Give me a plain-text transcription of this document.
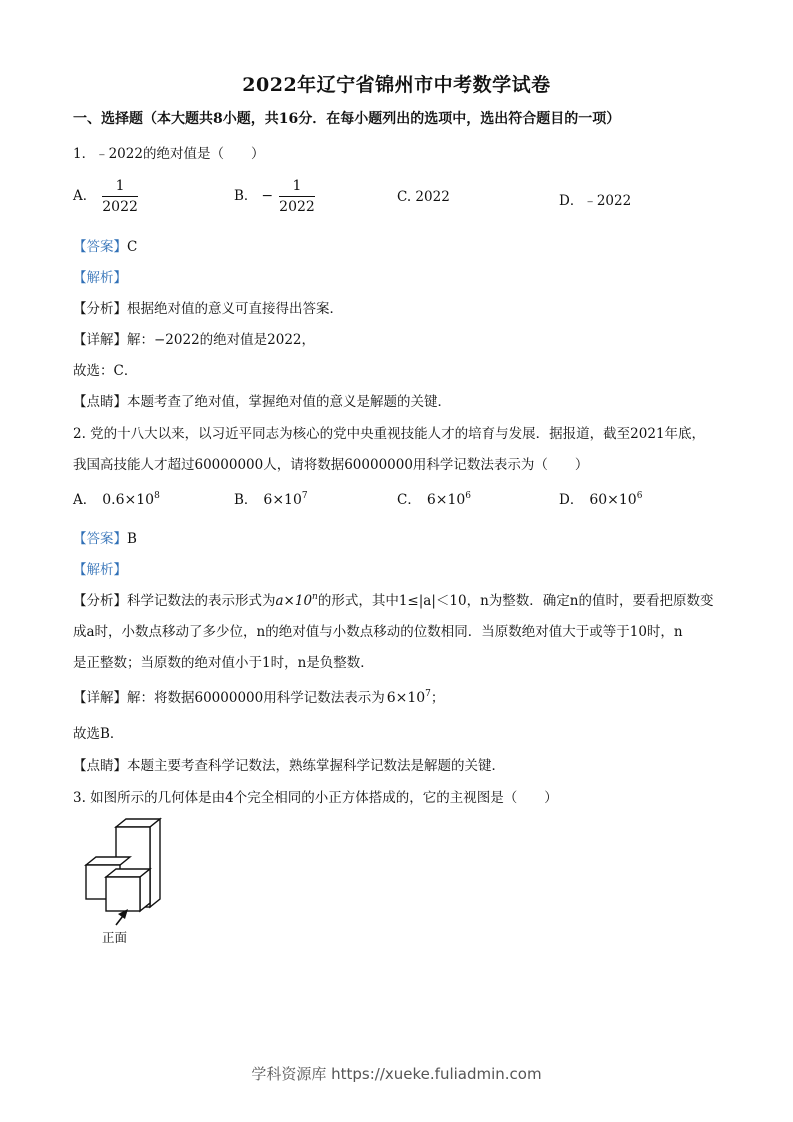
2022年辽宁省锦州市中考数学试卷
一、选择题（本大题共8小题，共16分．在每小题列出的选项中，选出符合题目的一项）
1．﹣2022的绝对值是（　　）
A． $\frac{1}{2022}$	B． − $\frac{1}{2022}$	C. 2022	D．﹣2022
【答案】C
【解析】
【分析】根据绝对值的意义可直接得出答案．
【详解】解：−2022的绝对值是2022，
故选：C．
【点睛】本题考查了绝对值，掌握绝对值的意义是解题的关键．
2. 党的十八大以来，以习近平同志为核心的党中央重视技能人才的培育与发展．据报道，截至2021年底，
我国高技能人才超过60000000人，请将数据60000000用科学记数法表示为（　　）
A． $0.6\times 10^8$	B． $6\times 10^7$	C． $6\times 10^6$	D． $60\times 10^6$
【答案】B
【解析】
【分析】科学记数法的表示形式为$a\times 10^n$的形式，其中1≤|a|＜10，n为整数．确定n的值时，要看把原数变
成a时，小数点移动了多少位，n的绝对值与小数点移动的位数相同．当原数绝对值大于或等于10时，n
是正整数；当原数的绝对值小于1时，n是负整数．
【详解】解：将数据60000000用科学记数法表示为 $6\times 10^7$；
故选B．
【点睛】本题主要考查科学记数法，熟练掌握科学记数法是解题的关键．
3. 如图所示的几何体是由4个完全相同的小正方体搭成的，它的主视图是（　　）
正面
学科资源库 https://xueke.fuliadmin.com
